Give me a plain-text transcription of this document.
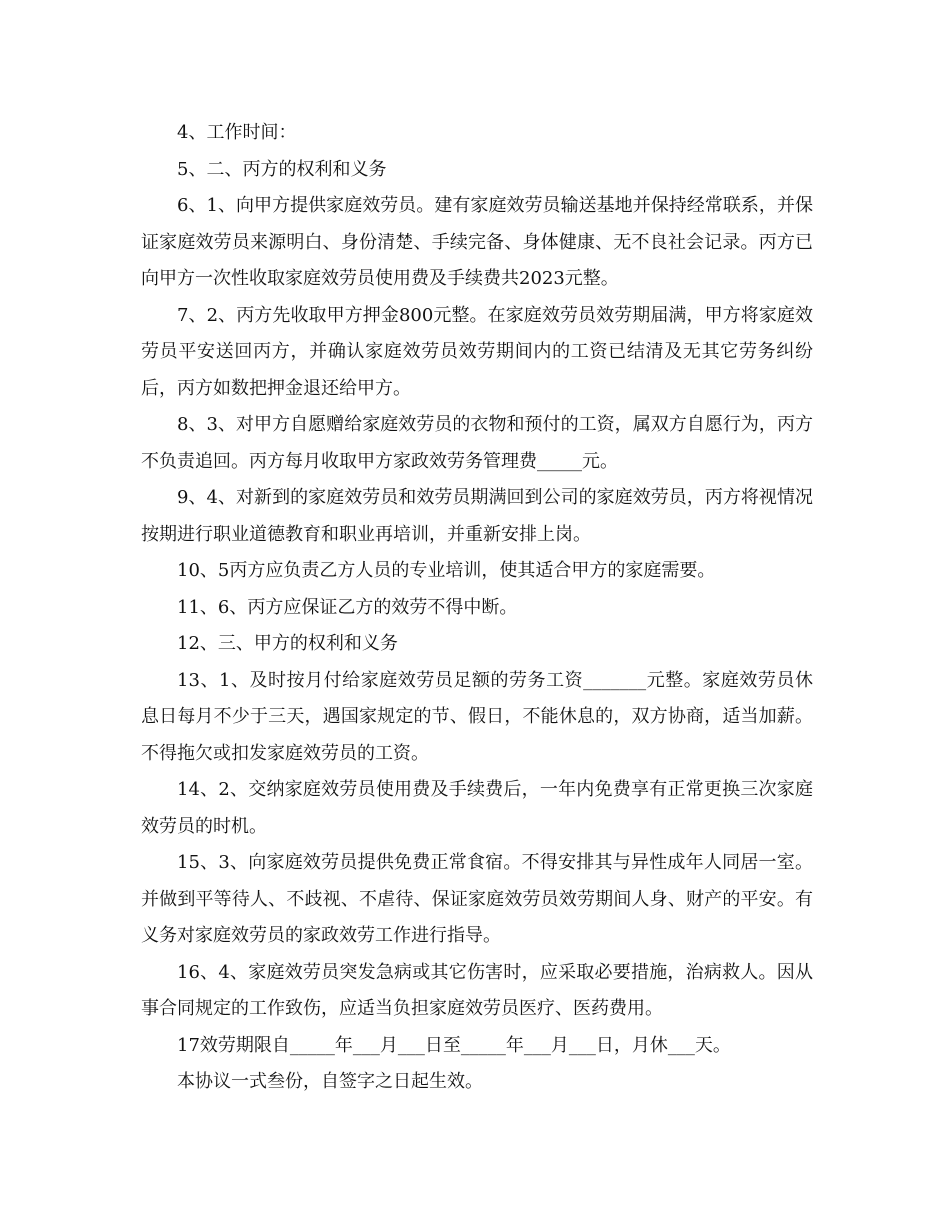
4、工作时间：

5、二、丙方的权利和义务

6、1、向甲方提供家庭效劳员。建有家庭效劳员输送基地并保持经常联系，并保证家庭效劳员来源明白、身份清楚、手续完备、身体健康、无不良社会记录。丙方已向甲方一次性收取家庭效劳员使用费及手续费共2023元整。

7、2、丙方先收取甲方押金800元整。在家庭效劳员效劳期届满，甲方将家庭效劳员平安送回丙方，并确认家庭效劳员效劳期间内的工资已结清及无其它劳务纠纷后，丙方如数把押金退还给甲方。

8、3、对甲方自愿赠给家庭效劳员的衣物和预付的工资，属双方自愿行为，丙方不负责追回。丙方每月收取甲方家政效劳务管理费_____元。

9、4、对新到的家庭效劳员和效劳员期满回到公司的家庭效劳员，丙方将视情况按期进行职业道德教育和职业再培训，并重新安排上岗。

10、5丙方应负责乙方人员的专业培训，使其适合甲方的家庭需要。

11、6、丙方应保证乙方的效劳不得中断。

12、三、甲方的权利和义务

13、1、及时按月付给家庭效劳员足额的劳务工资_______元整。家庭效劳员休息日每月不少于三天，遇国家规定的节、假日，不能休息的，双方协商，适当加薪。不得拖欠或扣发家庭效劳员的工资。

14、2、交纳家庭效劳员使用费及手续费后，一年内免费享有正常更换三次家庭效劳员的时机。

15、3、向家庭效劳员提供免费正常食宿。不得安排其与异性成年人同居一室。并做到平等待人、不歧视、不虐待、保证家庭效劳员效劳期间人身、财产的平安。有义务对家庭效劳员的家政效劳工作进行指导。

16、4、家庭效劳员突发急病或其它伤害时，应采取必要措施，治病救人。因从事合同规定的工作致伤，应适当负担家庭效劳员医疗、医药费用。

17效劳期限自_____年___月___日至_____年___月___日，月休___天。

本协议一式叁份，自签字之日起生效。
